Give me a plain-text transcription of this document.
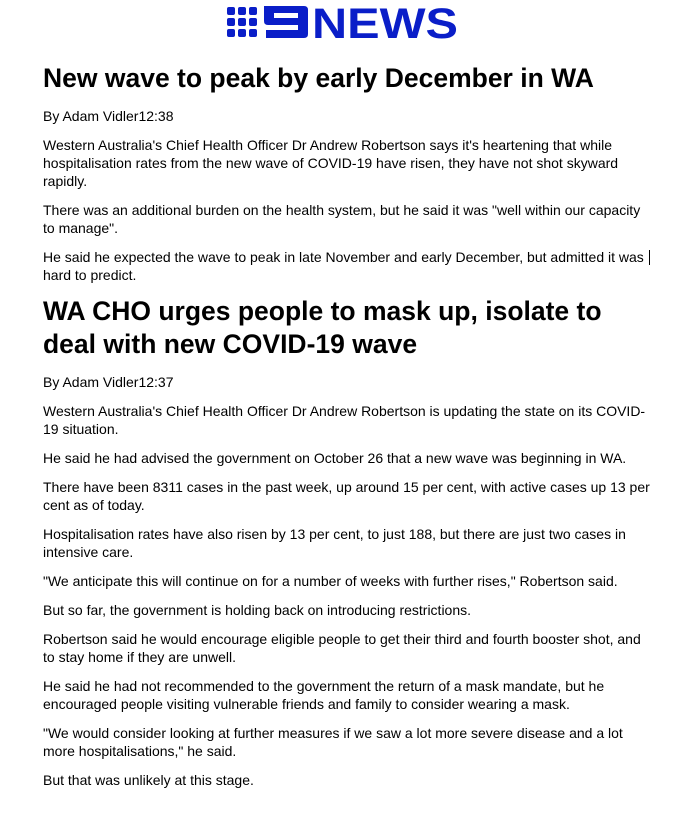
NEWS
New wave to peak by early December in WA
By Adam Vidler12:38

Western Australia's Chief Health Officer Dr Andrew Robertson says it's heartening that while hospitalisation rates from the new wave of COVID-19 have risen, they have not shot skyward rapidly.

There was an additional burden on the health system, but he said it was "well within our capacity to manage".

He said he expected the wave to peak in late November and early December, but admitted it was hard to predict.

WA CHO urges people to mask up, isolate to deal with new COVID-19 wave
By Adam Vidler12:37

Western Australia's Chief Health Officer Dr Andrew Robertson is updating the state on its COVID-19 situation.

He said he had advised the government on October 26 that a new wave was beginning in WA.

There have been 8311 cases in the past week, up around 15 per cent, with active cases up 13 per cent as of today.

Hospitalisation rates have also risen by 13 per cent, to just 188, but there are just two cases in intensive care.

"We anticipate this will continue on for a number of weeks with further rises," Robertson said.

But so far, the government is holding back on introducing restrictions.

Robertson said he would encourage eligible people to get their third and fourth booster shot, and to stay home if they are unwell.

He said he had not recommended to the government the return of a mask mandate, but he encouraged people visiting vulnerable friends and family to consider wearing a mask.

"We would consider looking at further measures if we saw a lot more severe disease and a lot more hospitalisations," he said.

But that was unlikely at this stage.
